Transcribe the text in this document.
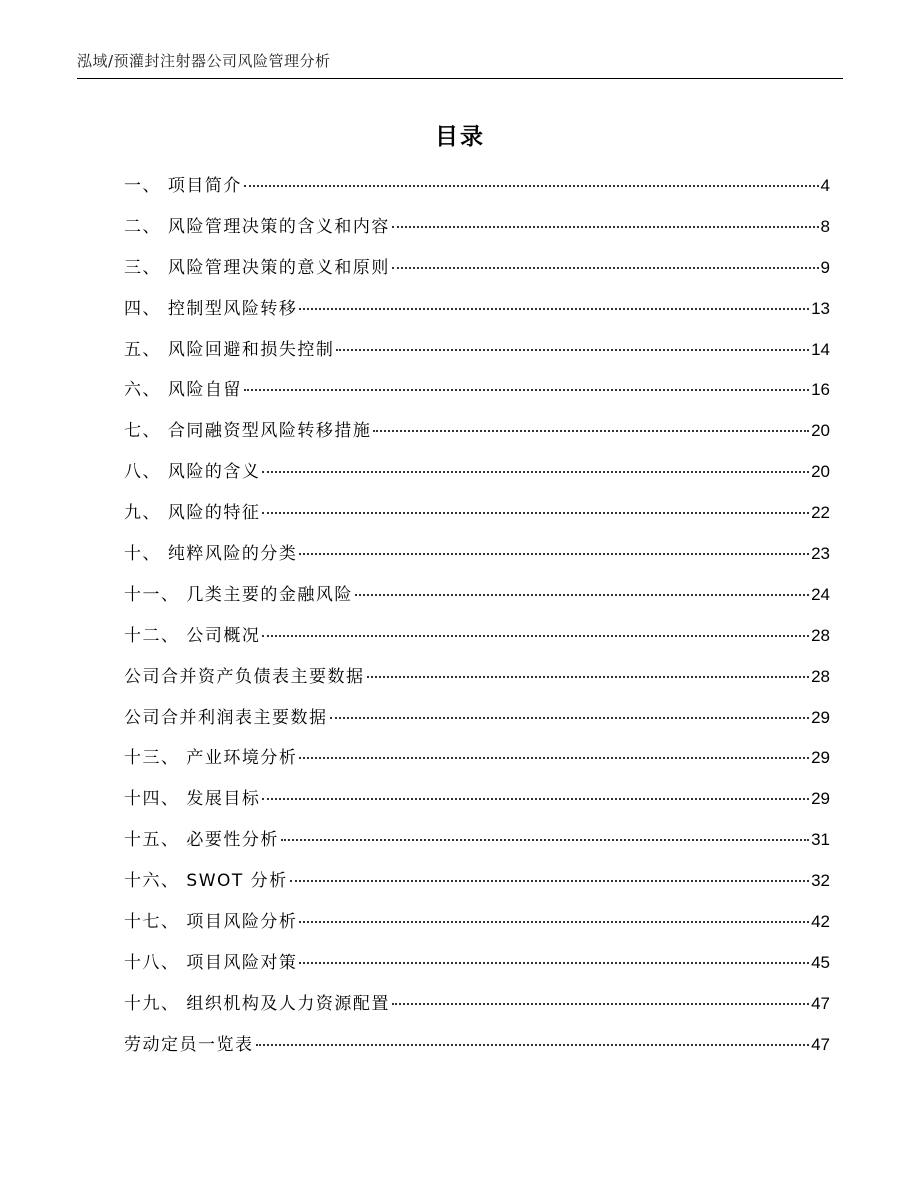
泓域/预灌封注射器公司风险管理分析
目录
一、 项目简介	4
二、 风险管理决策的含义和内容	8
三、 风险管理决策的意义和原则	9
四、 控制型风险转移	13
五、 风险回避和损失控制	14
六、 风险自留	16
七、 合同融资型风险转移措施	20
八、 风险的含义	20
九、 风险的特征	22
十、 纯粹风险的分类	23
十一、 几类主要的金融风险	24
十二、 公司概况	28
公司合并资产负债表主要数据	28
公司合并利润表主要数据	29
十三、 产业环境分析	29
十四、 发展目标	29
十五、 必要性分析	31
十六、 SWOT 分析	32
十七、 项目风险分析	42
十八、 项目风险对策	45
十九、 组织机构及人力资源配置	47
劳动定员一览表	47
